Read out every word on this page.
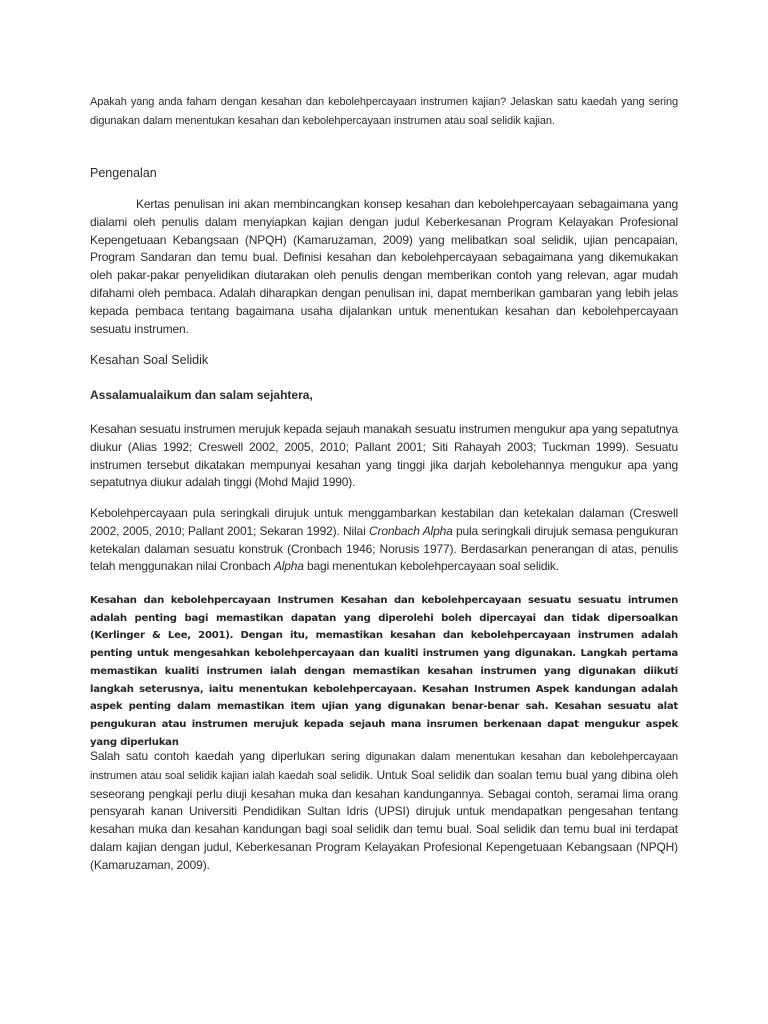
Apakah yang anda faham dengan kesahan dan kebolehpercayaan instrumen kajian? Jelaskan satu kaedah yang sering digunakan dalam menentukan kesahan dan kebolehpercayaan instrumen atau soal selidik kajian.

Pengenalan

Kertas penulisan ini akan membincangkan konsep kesahan dan kebolehpercayaan sebagaimana yang dialami oleh penulis dalam menyiapkan kajian dengan judul Keberkesanan Program Kelayakan Profesional Kepengetuaan Kebangsaan (NPQH) (Kamaruzaman, 2009) yang melibatkan soal selidik, ujian pencapaian, Program Sandaran dan temu bual. Definisi kesahan dan kebolehpercayaan sebagaimana yang dikemukakan oleh pakar-pakar penyelidikan diutarakan oleh penulis dengan memberikan contoh yang relevan, agar mudah difahami oleh pembaca. Adalah diharapkan dengan penulisan ini, dapat memberikan gambaran yang lebih jelas kepada pembaca tentang bagaimana usaha dijalankan untuk menentukan kesahan dan kebolehpercayaan sesuatu instrumen.

Kesahan Soal Selidik

Assalamualaikum dan salam sejahtera,

Kesahan sesuatu instrumen merujuk kepada sejauh manakah sesuatu instrumen mengukur apa yang sepatutnya diukur (Alias 1992; Creswell 2002, 2005, 2010; Pallant 2001; Siti Rahayah 2003; Tuckman 1999). Sesuatu instrumen tersebut dikatakan mempunyai kesahan yang tinggi jika darjah kebolehannya mengukur apa yang sepatutnya diukur adalah tinggi (Mohd Majid 1990).

Kebolehpercayaan pula seringkali dirujuk untuk menggambarkan kestabilan dan ketekalan dalaman (Creswell 2002, 2005, 2010; Pallant 2001; Sekaran 1992). Nilai Cronbach Alpha pula seringkali dirujuk semasa pengukuran ketekalan dalaman sesuatu konstruk (Cronbach 1946; Norusis 1977). Berdasarkan penerangan di atas, penulis telah menggunakan nilai Cronbach Alpha bagi menentukan kebolehpercayaan soal selidik.

Kesahan dan kebolehpercayaan Instrumen Kesahan dan kebolehpercayaan sesuatu sesuatu intrumen adalah penting bagi memastikan dapatan yang diperolehi boleh dipercayai dan tidak dipersoalkan (Kerlinger & Lee, 2001). Dengan itu, memastikan kesahan dan kebolehpercayaan instrumen adalah penting untuk mengesahkan kebolehpercayaan dan kualiti instrumen yang digunakan. Langkah pertama memastikan kualiti instrumen ialah dengan memastikan kesahan instrumen yang digunakan diikuti langkah seterusnya, iaitu menentukan kebolehpercayaan. Kesahan Instrumen Aspek kandungan adalah aspek penting dalam memastikan item ujian yang digunakan benar-benar sah. Kesahan sesuatu alat pengukuran atau instrumen merujuk kepada sejauh mana insrumen berkenaan dapat mengukur aspek yang diperlukan

Salah satu contoh kaedah yang diperlukan sering digunakan dalam menentukan kesahan dan kebolehpercayaan instrumen atau soal selidik kajian ialah kaedah soal selidik. Untuk Soal selidik dan soalan temu bual yang dibina oleh seseorang pengkaji perlu diuji kesahan muka dan kesahan kandungannya. Sebagai contoh, seramai lima orang pensyarah kanan Universiti Pendidikan Sultan Idris (UPSI) dirujuk untuk mendapatkan pengesahan tentang kesahan muka dan kesahan kandungan bagi soal selidik dan temu bual. Soal selidik dan temu bual ini terdapat dalam kajian dengan judul, Keberkesanan Program Kelayakan Profesional Kepengetuaan Kebangsaan (NPQH) (Kamaruzaman, 2009).
